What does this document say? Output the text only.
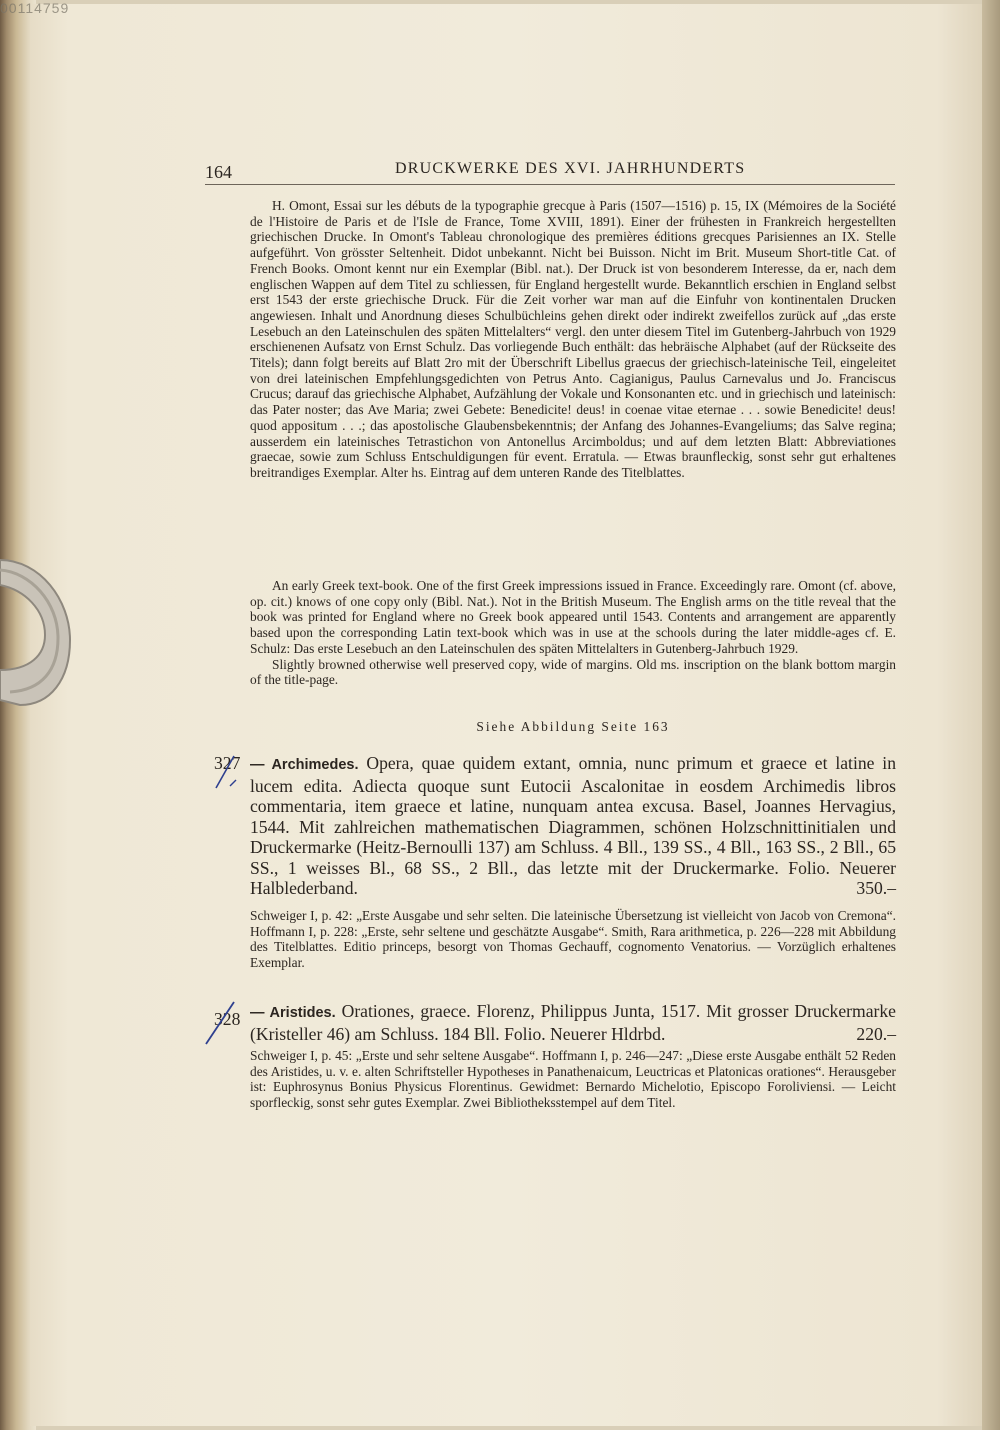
00114759
164	DRUCKWERKE DES XVI. JAHRHUNDERTS

H. Omont, Essai sur les débuts de la typographie grecque à Paris (1507—1516) p. 15, IX (Mémoires de la Société de l'Histoire de Paris et de l'Isle de France, Tome XVIII, 1891). Einer der frühesten in Frankreich hergestellten griechischen Drucke. In Omont's Tableau chronologique des premières éditions grecques Parisiennes an IX. Stelle aufgeführt. Von grösster Seltenheit. Didot unbekannt. Nicht bei Buisson. Nicht im Brit. Museum Short-title Cat. of French Books. Omont kennt nur ein Exemplar (Bibl. nat.). Der Druck ist von besonderem Interesse, da er, nach dem englischen Wappen auf dem Titel zu schliessen, für England hergestellt wurde. Bekanntlich erschien in England selbst erst 1543 der erste griechische Druck. Für die Zeit vorher war man auf die Einfuhr von kontinentalen Drucken angewiesen. Inhalt und Anordnung dieses Schulbüchleins gehen direkt oder indirekt zweifellos zurück auf „das erste Lesebuch an den Lateinschulen des späten Mittelalters“ vergl. den unter diesem Titel im Gutenberg-Jahrbuch von 1929 erschienenen Aufsatz von Ernst Schulz. Das vorliegende Buch enthält: das hebräische Alphabet (auf der Rückseite des Titels); dann folgt bereits auf Blatt 2ro mit der Überschrift Libellus graecus der griechisch-lateinische Teil, eingeleitet von drei lateinischen Empfehlungsgedichten von Petrus Anto. Cagianigus, Paulus Carnevalus und Jo. Franciscus Crucus; darauf das griechische Alphabet, Aufzählung der Vokale und Konsonanten etc. und in griechisch und lateinisch: das Pater noster; das Ave Maria; zwei Gebete: Benedicite! deus! in coenae vitae eternae . . . sowie Benedicite! deus! quod appositum . . .; das apostolische Glaubensbekenntnis; der Anfang des Johannes-Evangeliums; das Salve regina; ausserdem ein lateinisches Tetrastichon von Antonellus Arcimboldus; und auf dem letzten Blatt: Abbreviationes graecae, sowie zum Schluss Entschuldigungen für event. Erratula. — Etwas braunfleckig, sonst sehr gut erhaltenes breitrandiges Exemplar. Alter hs. Eintrag auf dem unteren Rande des Titelblattes.

An early Greek text-book. One of the first Greek impressions issued in France. Exceedingly rare. Omont (cf. above, op. cit.) knows of one copy only (Bibl. Nat.). Not in the British Museum. The English arms on the title reveal that the book was printed for England where no Greek book appeared until 1543. Contents and arrangement are apparently based upon the corresponding Latin text-book which was in use at the schools during the later middle-ages cf. E. Schulz: Das erste Lesebuch an den Lateinschulen des späten Mittelalters in Gutenberg-Jahrbuch 1929.

Slightly browned otherwise well preserved copy, wide of margins. Old ms. inscription on the blank bottom margin of the title-page.

Siehe Abbildung Seite 163
327 — Archimedes. Opera, quae quidem extant, omnia, nunc primum et graece et latine in lucem edita. Adiecta quoque sunt Eutocii Ascalonitae in eosdem Archimedis libros commentaria, item graece et latine, nunquam antea excusa. Basel, Joannes Hervagius, 1544. Mit zahlreichen mathematischen Diagrammen, schönen Holzschnittinitialen und Druckermarke (Heitz-Bernoulli 137) am Schluss. 4 Bll., 139 SS., 4 Bll., 163 SS., 2 Bll., 65 SS., 1 weisses Bl., 68 SS., 2 Bll., das letzte mit der Druckermarke. Folio. Neuerer Halblederband.	350.–

Schweiger I, p. 42: „Erste Ausgabe und sehr selten. Die lateinische Übersetzung ist vielleicht von Jacob von Cremona“. Hoffmann I, p. 228: „Erste, sehr seltene und geschätzte Ausgabe“. Smith, Rara arithmetica, p. 226—228 mit Abbildung des Titelblattes. Editio princeps, besorgt von Thomas Gechauff, cognomento Venatorius. — Vorzüglich erhaltenes Exemplar.

328 — Aristides. Orationes, graece. Florenz, Philippus Junta, 1517. Mit grosser Druckermarke (Kristeller 46) am Schluss. 184 Bll. Folio. Neuerer Hldrbd.	220.–

Schweiger I, p. 45: „Erste und sehr seltene Ausgabe“. Hoffmann I, p. 246—247: „Diese erste Ausgabe enthält 52 Reden des Aristides, u. v. e. alten Schriftsteller Hypotheses in Panathenaicum, Leuctricas et Platonicas orationes“. Herausgeber ist: Euphrosynus Bonius Physicus Florentinus. Gewidmet: Bernardo Michelotio, Episcopo Foroliviensi. — Leicht sporfleckig, sonst sehr gutes Exemplar. Zwei Bibliotheksstempel auf dem Titel.
